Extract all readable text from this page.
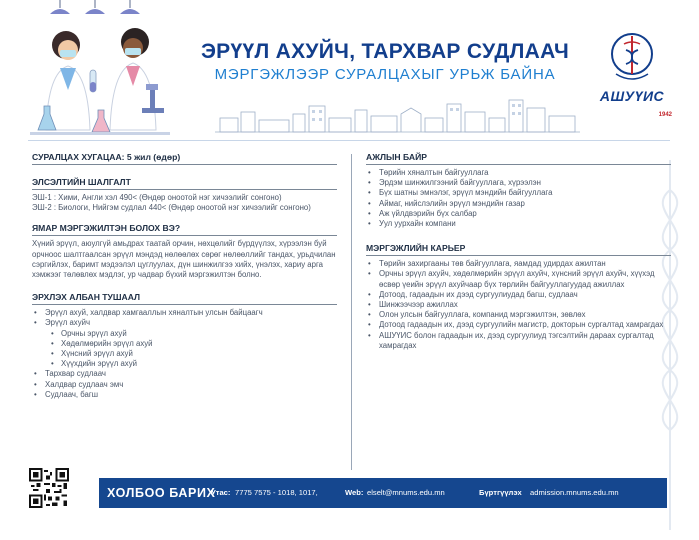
ЭРҮҮЛ АХУЙЧ, ТАРХВАР СУДЛААЧ

МЭРГЭЖЛЭЭР СУРАЛЦАХЫГ УРЬЖ БАЙНА

АШУҮИС
1942
СУРАЛЦАХ ХУГАЦАА: 5 жил (өдөр)
ЭЛСЭЛТИЙН ШАЛГАЛТ

ЭШ-1 : Хими, Англи хэл 490< (Өндөр оноотой нэг хичээлийг сонгоно)

ЭШ-2 : Биологи, Нийгэм судлал 440< (Өндөр оноотой нэг хичээлийг сонгоно)

ЯМАР МЭРГЭЖИЛТЭН БОЛОХ ВЭ?

Хүний эрүүл, аюулгүй амьдрах таатай орчин, нөхцөлийг бүрдүүлэх, хүрээлэн буй орчноос шалтгаалсан эрүүл мэндэд нөлөөлөх сөрөг нөлөөллийг тандах, урьдчилан сэргийлэх, баримт мэдээлэл цуглуулах, дүн шинжилгээ хийх, үнэлэх, хариу арга хэмжээг төлөвлөх мэдлэг, ур чадвар бүхий мэргэжилтэн болно.

ЭРХЛЭХ АЛБАН ТУШААЛ
• Эрүүл ахуй, халдвар хамгааллын хяналтын улсын байцаагч
• Эрүүл ахуйч
• Орчны эрүүл ахуй
• Хөдөлмөрийн эрүүл ахуй
• Хүнсний эрүүл ахуй
• Хүүхдийн эрүүл ахуй
• Тархвар судлаач
• Халдвар судлаач эмч
• Судлаач, багш
АЖЛЫН БАЙР
• Төрийн хяналтын байгууллага
• Эрдэм шинжилгээний байгууллага, хүрээлэн
• Бүх шатны эмнэлэг, эрүүл мэндийн байгууллага
• Аймаг, нийслэлийн эрүүл мэндийн газар
• Аж үйлдвэрийн бүх салбар
• Уул уурхайн компани
МЭРГЭЖЛИЙН КАРЬЕР
• Төрийн захиргааны төв байгууллага, яамдад удирдах ажилтан
• Орчны эрүүл ахуйч, хөдөлмөрийн эрүүл ахуйч, хүнсний эрүүл ахуйч, хүүхэд өсвөр үеийн эрүүл ахуйчаар бүх төрлийн байгууллагуудад ажиллах
• Дотоод, гадаадын их дээд сургуулиудад багш, судлаач
• Шинжээчээр ажиллах
• Олон улсын байгууллага, компанид мэргэжилтэн, зөвлөх
• Дотоод гадаадын их, дээд сургуулийн магистр, докторын сургалтад хамрагдах
• АШУҮИС болон гадаадын их, дээд сургуулиуд тэгсэлтийн дараах сургалтад хамрагдах
ХОЛБОО БАРИХ
Утас: 7775 7575 - 1018, 1017,	Web: elselt@mnums.edu.mn	Бүртгүүлэх admission.mnums.edu.mn
